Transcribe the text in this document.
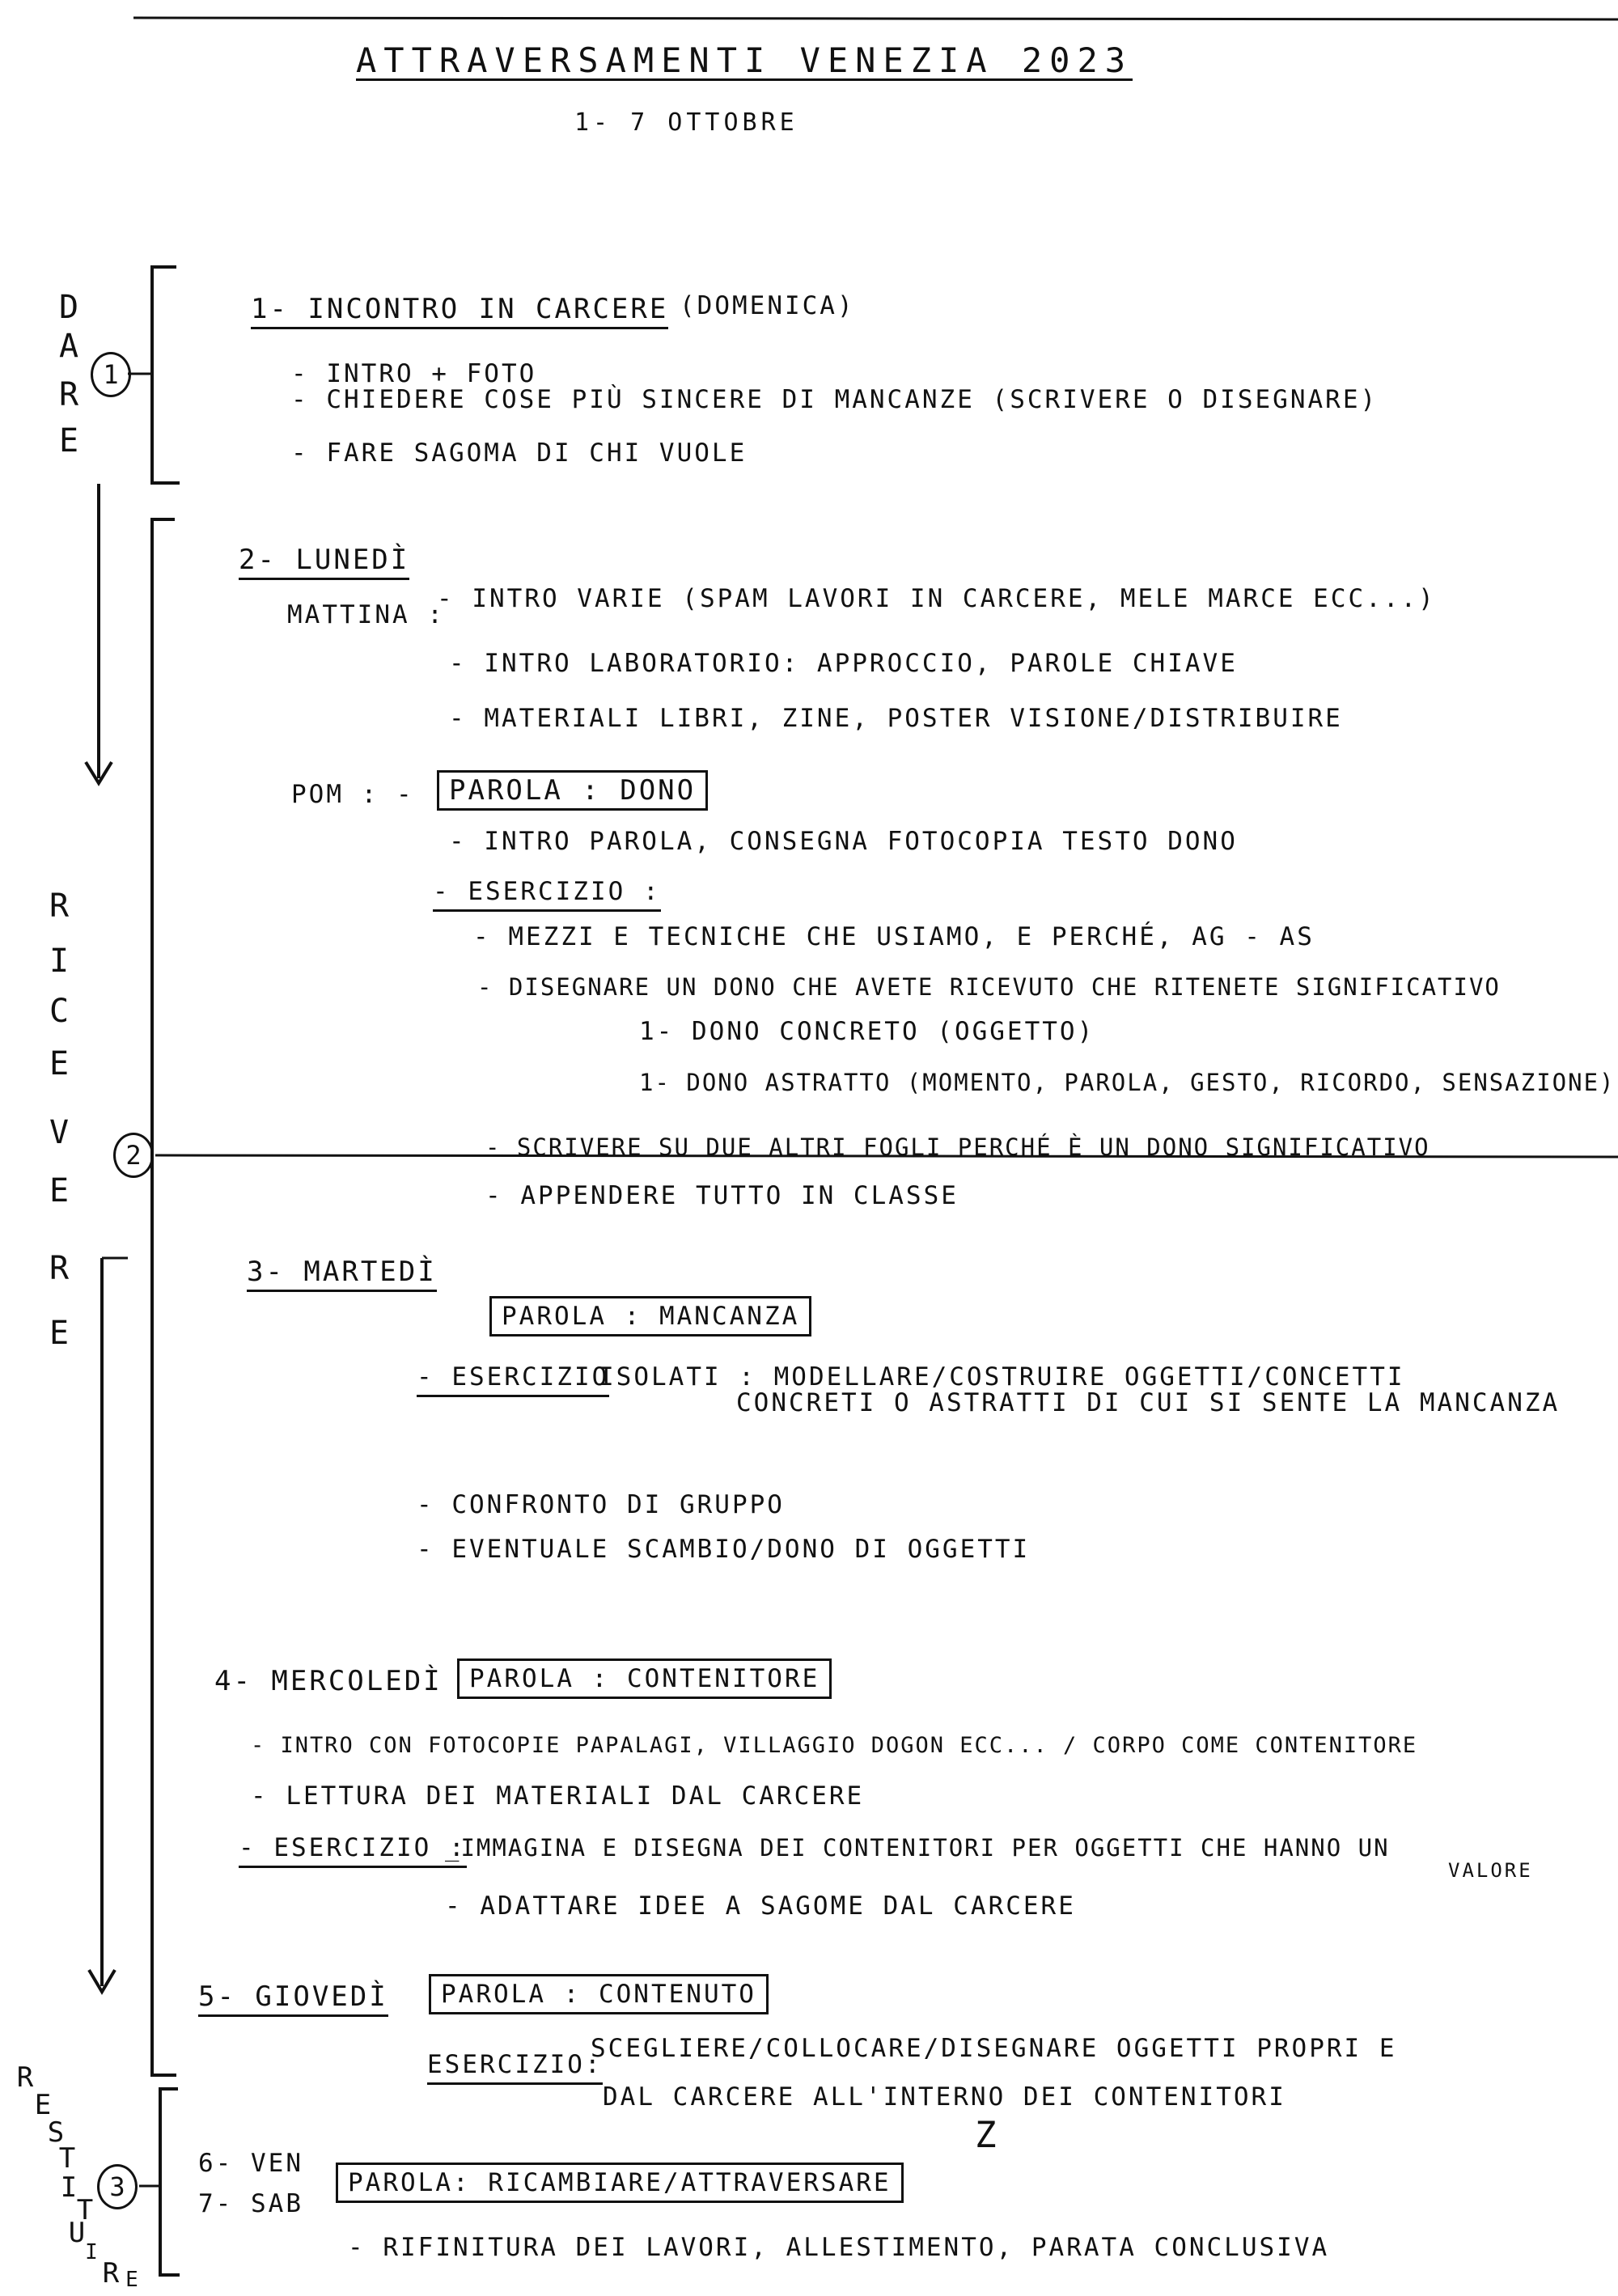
ATTRAVERSAMENTI VENEZIA 2023
1- 7 OTTOBRE
D
A
R
E
1
R
I
C
E
V
E
R
E
2
R
E
S
T
I
T
U
I
R E
3
1- INCONTRO IN CARCERE (DOMENICA)
- INTRO + FOTO
- CHIEDERE COSE PIÙ SINCERE DI MANCANZE (SCRIVERE O DISEGNARE)
- FARE SAGOMA DI CHI VUOLE
2- LUNEDÌ
MATTINA :
- INTRO VARIE (SPAM LAVORI IN CARCERE, MELE MARCE ECC...)
- INTRO LABORATORIO: APPROCCIO, PAROLE CHIAVE
- MATERIALI LIBRI, ZINE, POSTER VISIONE/DISTRIBUIRE
POM : -	PAROLA : DONO
- INTRO PAROLA, CONSEGNA FOTOCOPIA TESTO DONO
- ESERCIZIO :
- MEZZI E TECNICHE CHE USIAMO, E PERCHÉ, AG - AS
- DISEGNARE UN DONO CHE AVETE RICEVUTO CHE RITENETE SIGNIFICATIVO
1- DONO CONCRETO (OGGETTO)
1- DONO ASTRATTO (MOMENTO, PAROLA, GESTO, RICORDO, SENSAZIONE)
- SCRIVERE SU DUE ALTRI FOGLI PERCHÉ È UN DONO SIGNIFICATIVO
- APPENDERE TUTTO IN CLASSE
3- MARTEDÌ
PAROLA : MANCANZA
- ESERCIZIO
ISOLATI : MODELLARE/COSTRUIRE OGGETTI/CONCETTI
CONCRETI O ASTRATTI DI CUI SI SENTE LA MANCANZA
- CONFRONTO DI GRUPPO
- EVENTUALE SCAMBIO/DONO DI OGGETTI
4- MERCOLEDÌ	PAROLA : CONTENITORE
- INTRO CON FOTOCOPIE PAPALAGI, VILLAGGIO DOGON ECC... / CORPO COME CONTENITORE
- LETTURA DEI MATERIALI DAL CARCERE
- ESERCIZIO :
_IMMAGINA E DISEGNA DEI CONTENITORI PER OGGETTI CHE HANNO UN
VALORE
- ADATTARE IDEE A SAGOME DAL CARCERE
5- GIOVEDÌ	PAROLA : CONTENUTO
ESERCIZIO:
SCEGLIERE/COLLOCARE/DISEGNARE OGGETTI PROPRI E
DAL CARCERE ALL'INTERNO DEI CONTENITORI
6- VEN
7- SAB
PAROLA: RICAMBIARE/ATTRAVERSARE
Ζ
- RIFINITURA DEI LAVORI, ALLESTIMENTO, PARATA CONCLUSIVA
